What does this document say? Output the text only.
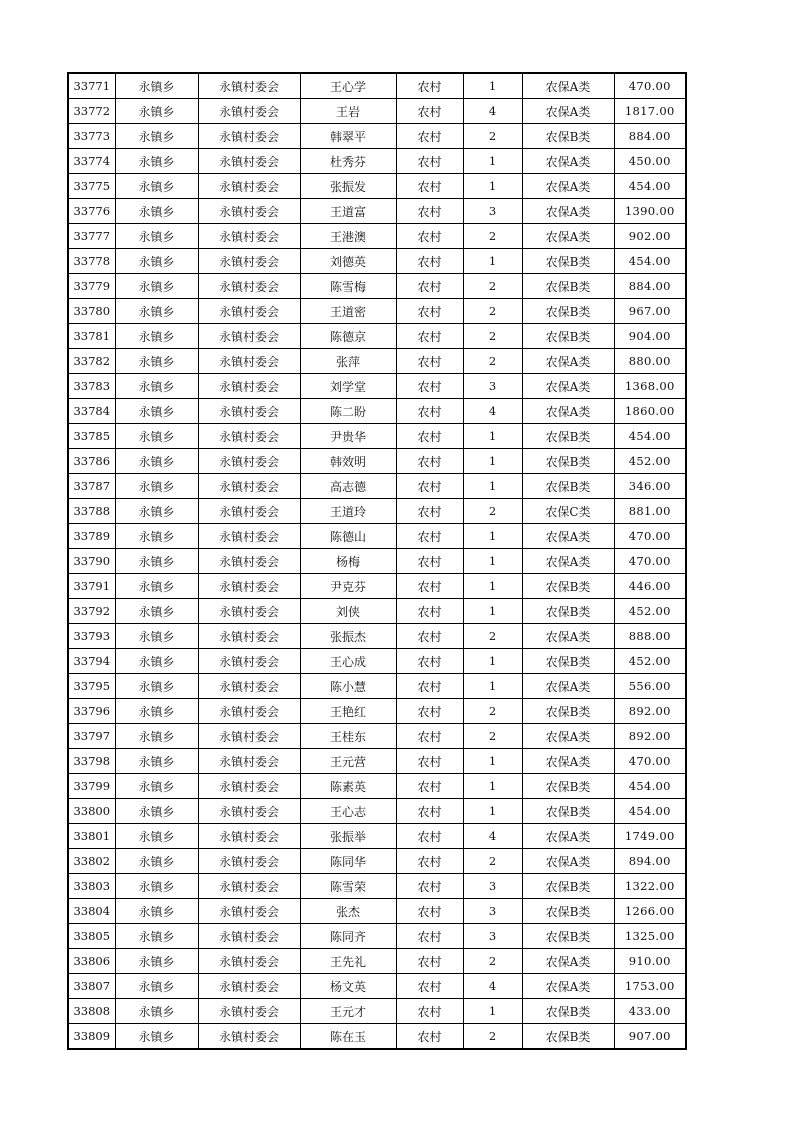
33771	永镇乡	永镇村委会	王心学	农村	1	农保A类	470.00
33772	永镇乡	永镇村委会	王岩	农村	4	农保A类	1817.00
33773	永镇乡	永镇村委会	韩翠平	农村	2	农保B类	884.00
33774	永镇乡	永镇村委会	杜秀芬	农村	1	农保A类	450.00
33775	永镇乡	永镇村委会	张振发	农村	1	农保A类	454.00
33776	永镇乡	永镇村委会	王道富	农村	3	农保A类	1390.00
33777	永镇乡	永镇村委会	王港澳	农村	2	农保A类	902.00
33778	永镇乡	永镇村委会	刘德英	农村	1	农保B类	454.00
33779	永镇乡	永镇村委会	陈雪梅	农村	2	农保B类	884.00
33780	永镇乡	永镇村委会	王道密	农村	2	农保B类	967.00
33781	永镇乡	永镇村委会	陈德京	农村	2	农保B类	904.00
33782	永镇乡	永镇村委会	张萍	农村	2	农保A类	880.00
33783	永镇乡	永镇村委会	刘学堂	农村	3	农保A类	1368.00
33784	永镇乡	永镇村委会	陈二盼	农村	4	农保A类	1860.00
33785	永镇乡	永镇村委会	尹贵华	农村	1	农保B类	454.00
33786	永镇乡	永镇村委会	韩效明	农村	1	农保B类	452.00
33787	永镇乡	永镇村委会	高志德	农村	1	农保B类	346.00
33788	永镇乡	永镇村委会	王道玲	农村	2	农保C类	881.00
33789	永镇乡	永镇村委会	陈德山	农村	1	农保A类	470.00
33790	永镇乡	永镇村委会	杨梅	农村	1	农保A类	470.00
33791	永镇乡	永镇村委会	尹克芬	农村	1	农保B类	446.00
33792	永镇乡	永镇村委会	刘侠	农村	1	农保B类	452.00
33793	永镇乡	永镇村委会	张振杰	农村	2	农保A类	888.00
33794	永镇乡	永镇村委会	王心成	农村	1	农保B类	452.00
33795	永镇乡	永镇村委会	陈小慧	农村	1	农保A类	556.00
33796	永镇乡	永镇村委会	王艳红	农村	2	农保B类	892.00
33797	永镇乡	永镇村委会	王桂东	农村	2	农保A类	892.00
33798	永镇乡	永镇村委会	王元营	农村	1	农保A类	470.00
33799	永镇乡	永镇村委会	陈素英	农村	1	农保B类	454.00
33800	永镇乡	永镇村委会	王心志	农村	1	农保B类	454.00
33801	永镇乡	永镇村委会	张振举	农村	4	农保A类	1749.00
33802	永镇乡	永镇村委会	陈同华	农村	2	农保A类	894.00
33803	永镇乡	永镇村委会	陈雪荣	农村	3	农保B类	1322.00
33804	永镇乡	永镇村委会	张杰	农村	3	农保B类	1266.00
33805	永镇乡	永镇村委会	陈同齐	农村	3	农保B类	1325.00
33806	永镇乡	永镇村委会	王先礼	农村	2	农保A类	910.00
33807	永镇乡	永镇村委会	杨文英	农村	4	农保A类	1753.00
33808	永镇乡	永镇村委会	王元才	农村	1	农保B类	433.00
33809	永镇乡	永镇村委会	陈在玉	农村	2	农保B类	907.00
